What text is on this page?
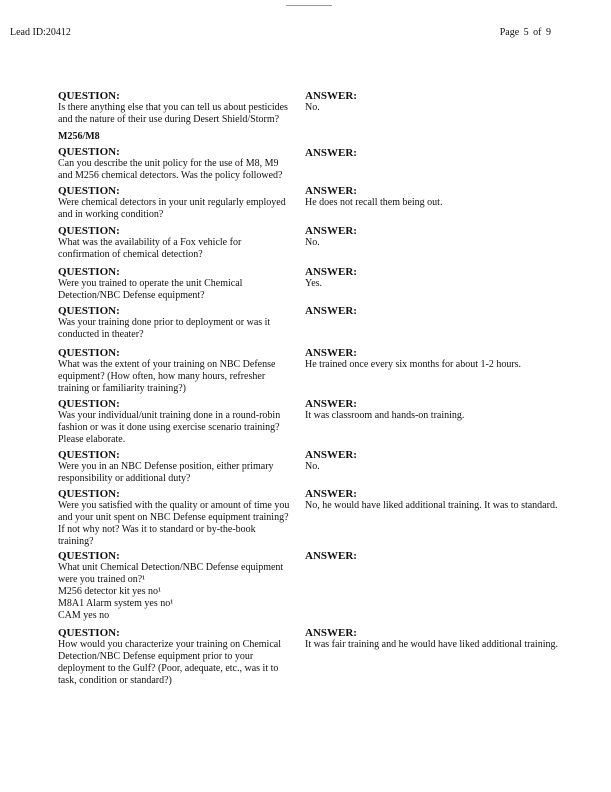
Lead ID:20412	Page 5 of 9
QUESTION:
Is there anything else that you can tell us about pesticides and the nature of their use during Desert Shield/Storm?
ANSWER:
No.
M256/M8
QUESTION:
Can you describe the unit policy for the use of M8, M9 and M256 chemical detectors. Was the policy followed?
ANSWER:
QUESTION:
Were chemical detectors in your unit regularly employed and in working condition?
ANSWER:
He does not recall them being out.
QUESTION:
What was the availability of a Fox vehicle for confirmation of chemical detection?
ANSWER:
No.
QUESTION:
Were you trained to operate the unit Chemical Detection/NBC Defense equipment?
ANSWER:
Yes.
QUESTION:
Was your training done prior to deployment or was it conducted in theater?
ANSWER:
QUESTION:
What was the extent of your training on NBC Defense equipment? (How often, how many hours, refresher training or familiarity training?)
ANSWER:
He trained once every six months for about 1-2 hours.
QUESTION:
Was your individual/unit training done in a round-robin fashion or was it done using exercise scenario training? Please elaborate.
ANSWER:
It was classroom and hands-on training.
QUESTION:
Were you in an NBC Defense position, either primary responsibility or additional duty?
ANSWER:
No.
QUESTION:
Were you satisfied with the quality or amount of time you and your unit spent on NBC Defense equipment training? If not why not? Was it to standard or by-the-book training?
ANSWER:
No, he would have liked additional training. It was to standard.
QUESTION:
What unit Chemical Detection/NBC Defense equipment were you trained on?¹
M256 detector kit yes no¹
M8A1 Alarm system yes no¹
CAM yes no
ANSWER:
QUESTION:
How would you characterize your training on Chemical Detection/NBC Defense equipment prior to your deployment to the Gulf? (Poor, adequate, etc., was it to task, condition or standard?)
ANSWER:
It was fair training and he would have liked additional training.
